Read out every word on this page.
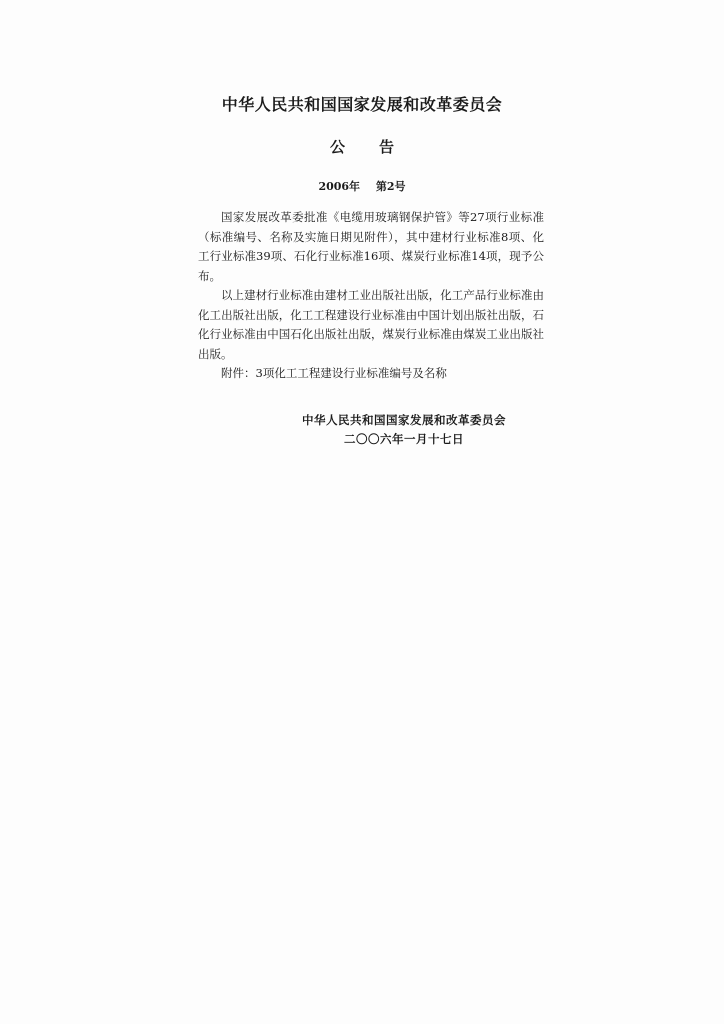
中华人民共和国国家发展和改革委员会
公告
2006年 第2号

国家发展改革委批准《电缆用玻璃钢保护管》等27项行业标准（标准编号、名称及实施日期见附件），其中建材行业标准8项、化工行业标准39项、石化行业标准16项、煤炭行业标准14项，现予公布。

以上建材行业标准由建材工业出版社出版，化工产品行业标准由化工出版社出版，化工工程建设行业标准由中国计划出版社出版，石化行业标准由中国石化出版社出版，煤炭行业标准由煤炭工业出版社出版。

附件：3项化工工程建设行业标准编号及名称

中华人民共和国国家发展和改革委员会
二〇〇六年一月十七日
